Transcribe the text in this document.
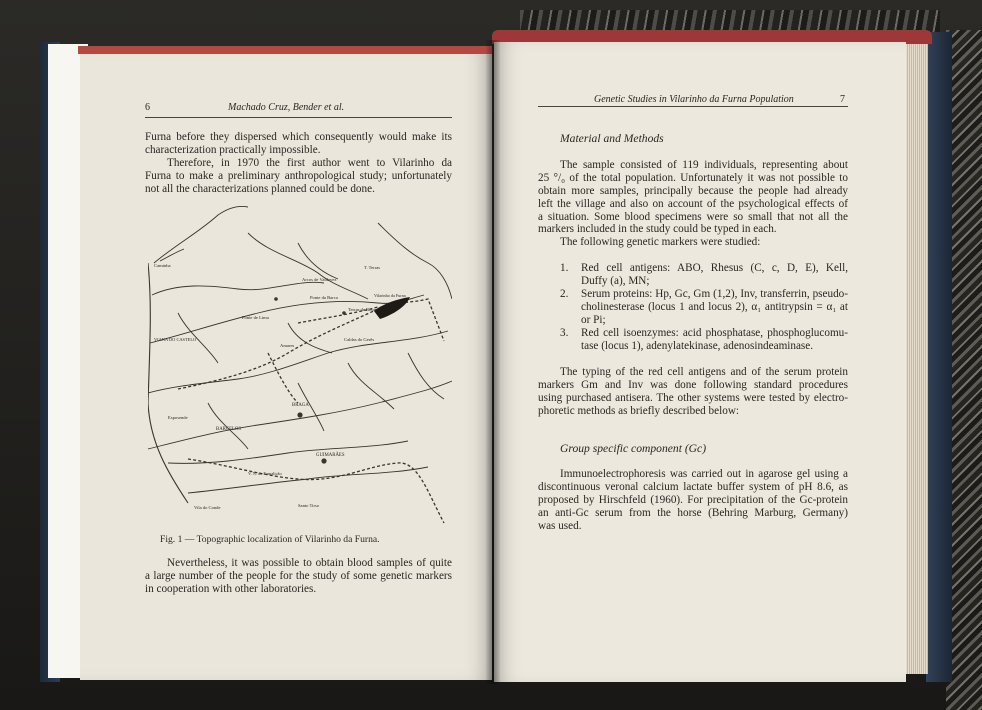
6	Machado Cruz, Bender et al.
Furna before they dispersed which consequently would make its
characterization practically impossible.
Therefore, in 1970 the first author went to Vilarinho da
Furna to make a preliminary anthropological study; unfortunately
not all the characterizations planned could be done.
Caminha
Arcos de Valdevez
T. Terras
Ponte da Barca	Vilarinho da Furna
Terras de Bouro
Ponte de Lima
VIANA DO CASTELO	Caldas do Gerês
BRAGA
Esposende
BARCELOS
GUIMARÃES
V. N. de Famalicão
Vila do Conde	Santo Tirso
Amares
Fig. 1 — Topographic localization of Vilarinho da Furna.
Nevertheless, it was possible to obtain blood samples of quite
a large number of the people for the study of some genetic markers
in cooperation with other laboratories.
Genetic Studies in Vilarinho da Furna Population	7
Material and Methods
The sample consisted of 119 individuals, representing about
25 °/₀ of the total population. Unfortunately it was not possible to
obtain more samples, principally because the people had already
left the village and also on account of the psychological effects of
a situation. Some blood specimens were so small that not all the
markers included in the study could be typed in each.
The following genetic markers were studied:
1. Red cell antigens: ABO, Rhesus (C, c, D, E), Kell,
Duffy (a), MN;
2. Serum proteins: Hp, Gc, Gm (1,2), Inv, transferrin, pseudo-
cholinesterase (locus 1 and locus 2), α₁ antitrypsin = α₁ at
or Pi;
3. Red cell isoenzymes: acid phosphatase, phosphoglucomu-
tase (locus 1), adenylatekinase, adenosindeaminase.
The typing of the red cell antigens and of the serum protein
markers Gm and Inv was done following standard procedures
using purchased antisera. The other systems were tested by electro-
phoretic methods as briefly described below:
Group specific component (Gc)
Immunoelectrophoresis was carried out in agarose gel using a
discontinuous veronal calcium lactate buffer system of pH 8.6, as
proposed by Hirschfeld (1960). For precipitation of the Gc-protein
an anti-Gc serum from the horse (Behring Marburg, Germany)
was used.
